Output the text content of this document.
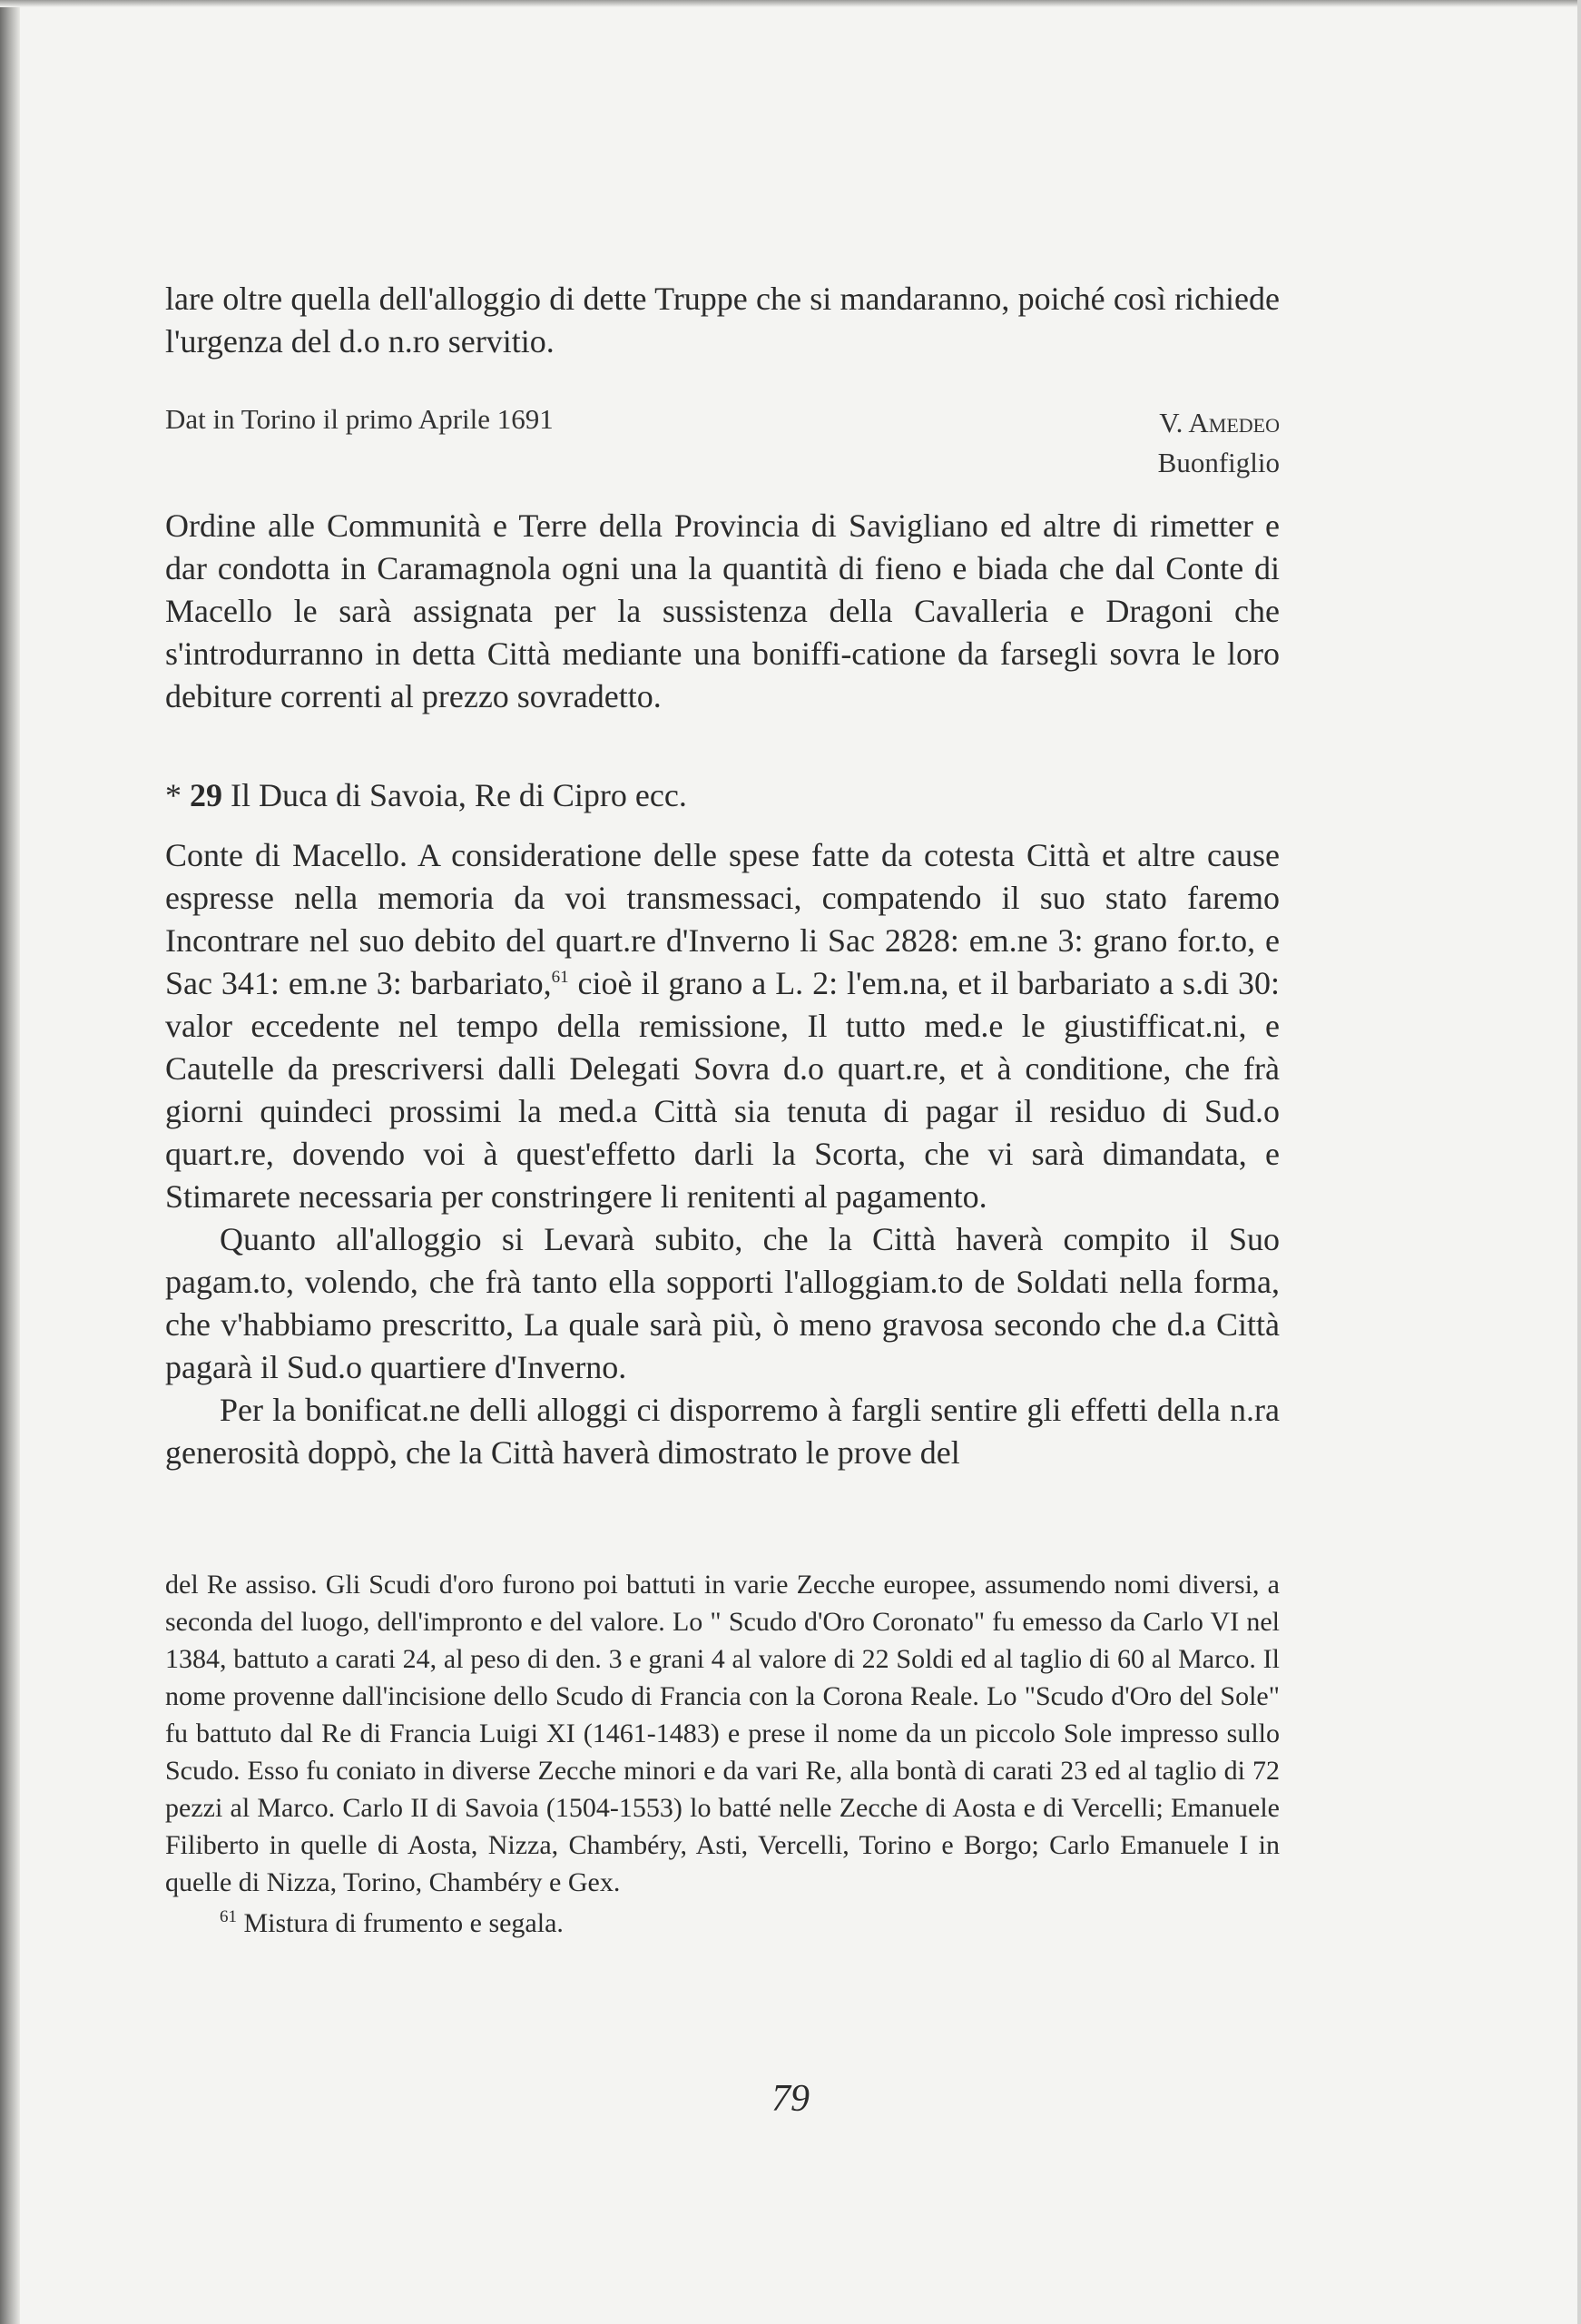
lare oltre quella dell'alloggio di dette Truppe che si mandaranno, poiché così richiede l'urgenza del d.o n.ro servitio.

Dat in Torino il primo Aprile 1691	V. Amedeo
Buonfiglio

Ordine alle Communità e Terre della Provincia di Savigliano ed altre di rimetter e dar condotta in Caramagnola ogni una la quantità di fieno e biada che dal Conte di Macello le sarà assignata per la sussistenza della Cavalleria e Dragoni che s'introdurranno in detta Città mediante una boniffi-catione da farsegli sovra le loro debiture correnti al prezzo sovradetto.

* 29 Il Duca di Savoia, Re di Cipro ecc.

Conte di Macello. A consideratione delle spese fatte da cotesta Città et altre cause espresse nella memoria da voi transmessaci, compatendo il suo stato faremo Incontrare nel suo debito del quart.re d'Inverno li Sac 2828: em.ne 3: grano for.to, e Sac 341: em.ne 3: barbariato,$^{61}$ cioè il grano a L. 2: l'em.na, et il barbariato a s.di 30: valor eccedente nel tempo della remissione, Il tutto med.e le giustifficat.ni, e Cautelle da prescriversi dalli Delegati Sovra d.o quart.re, et à conditione, che frà giorni quindeci prossimi la med.a Città sia tenuta di pagar il residuo di Sud.o quart.re, dovendo voi à quest'effetto darli la Scorta, che vi sarà dimandata, e Stimarete necessaria per constringere li renitenti al pagamento.

Quanto all'alloggio si Levarà subito, che la Città haverà compito il Suo pagam.to, volendo, che frà tanto ella sopporti l'alloggiam.to de Soldati nella forma, che v'habbiamo prescritto, La quale sarà più, ò meno gravosa secondo che d.a Città pagarà il Sud.o quartiere d'Inverno.

Per la bonificat.ne delli alloggi ci disporremo à fargli sentire gli effetti della n.ra generosità doppò, che la Città haverà dimostrato le prove del

del Re assiso. Gli Scudi d'oro furono poi battuti in varie Zecche europee, assumendo nomi diversi, a seconda del luogo, dell'impronto e del valore. Lo " Scudo d'Oro Coronato" fu emesso da Carlo VI nel 1384, battuto a carati 24, al peso di den. 3 e grani 4 al valore di 22 Soldi ed al taglio di 60 al Marco. Il nome provenne dall'incisione dello Scudo di Francia con la Corona Reale. Lo "Scudo d'Oro del Sole" fu battuto dal Re di Francia Luigi XI (1461-1483) e prese il nome da un piccolo Sole impresso sullo Scudo. Esso fu coniato in diverse Zecche minori e da vari Re, alla bontà di carati 23 ed al taglio di 72 pezzi al Marco. Carlo II di Savoia (1504-1553) lo batté nelle Zecche di Aosta e di Vercelli; Emanuele Filiberto in quelle di Aosta, Nizza, Chambéry, Asti, Vercelli, Torino e Borgo; Carlo Emanuele I in quelle di Nizza, Torino, Chambéry e Gex.

$^{61}$ Mistura di frumento e segala.

79
